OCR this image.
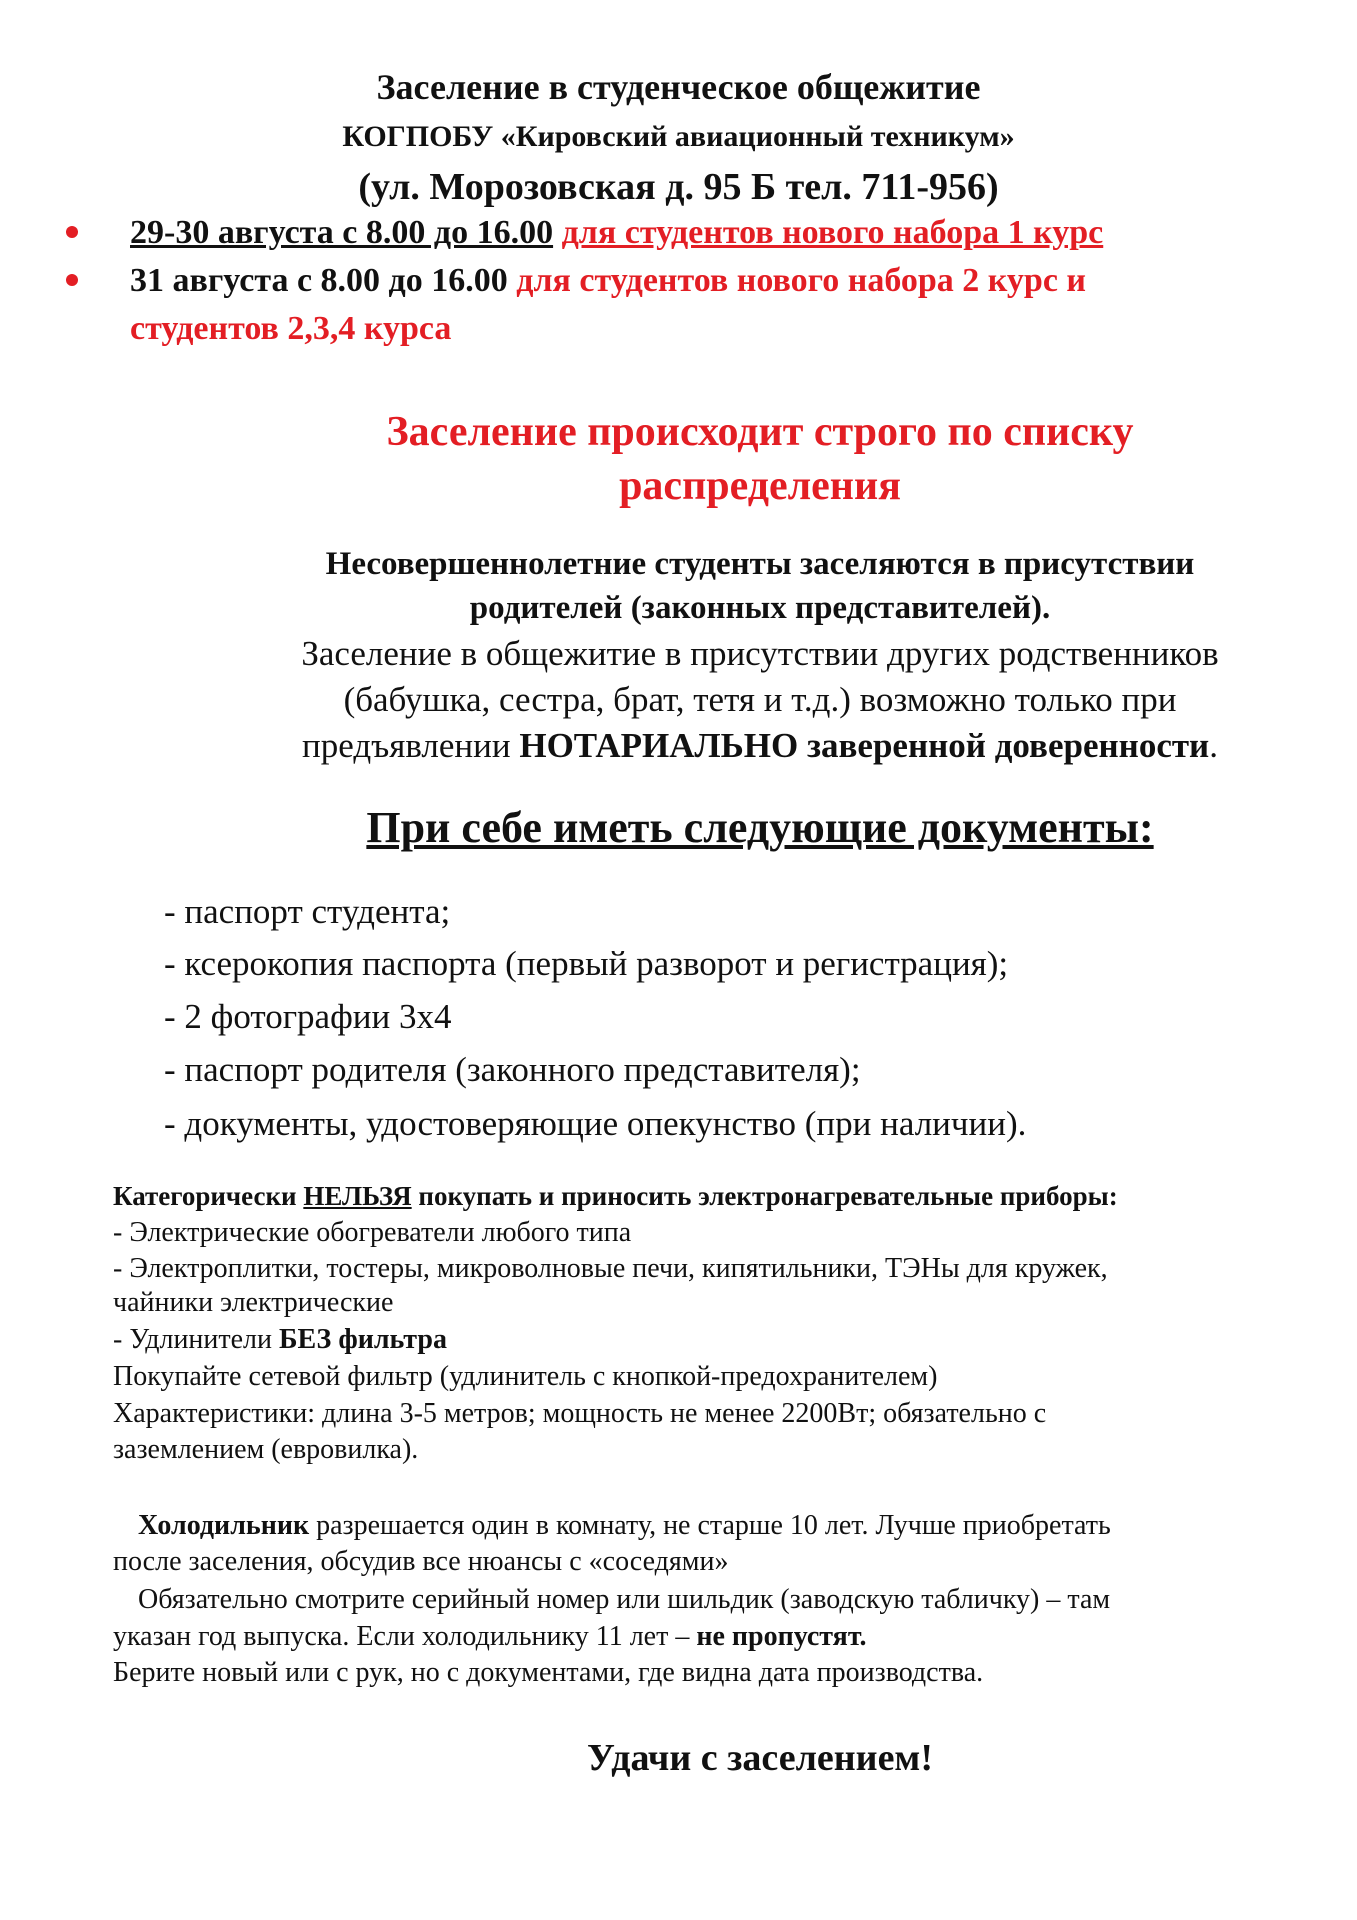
Заселение в студенческое общежитие
КОГПОБУ «Кировский авиационный техникум»
(ул. Морозовская д. 95 Б тел. 711-956)
29-30 августа с 8.00 до 16.00 для студентов нового набора 1 курс
31 августа с 8.00 до 16.00 для студентов нового набора 2 курс и
студентов 2,3,4 курса
Заселение происходит строго по списку
распределения
Несовершеннолетние студенты заселяются в присутствии
родителей (законных представителей).
Заселение в общежитие в присутствии других родственников
(бабушка, сестра, брат, тетя и т.д.) возможно только при
предъявлении НОТАРИАЛЬНО заверенной доверенности.
При себе иметь следующие документы:
- паспорт студента;
- ксерокопия паспорта (первый разворот и регистрация);
- 2 фотографии 3х4
- паспорт родителя (законного представителя);
- документы, удостоверяющие опекунство (при наличии).
Категорически НЕЛЬЗЯ покупать и приносить электронагревательные приборы:
- Электрические обогреватели любого типа
- Электроплитки, тостеры, микроволновые печи, кипятильники, ТЭНы для кружек,
чайники электрические
- Удлинители БЕЗ фильтра
Покупайте сетевой фильтр (удлинитель с кнопкой-предохранителем)
Характеристики: длина 3-5 метров; мощность не менее 2200Вт; обязательно с
заземлением (евровилка).
Холодильник разрешается один в комнату, не старше 10 лет. Лучше приобретать
после заселения, обсудив все нюансы с «соседями»
Обязательно смотрите серийный номер или шильдик (заводскую табличку) – там
указан год выпуска. Если холодильнику 11 лет – не пропустят.
Берите новый или с рук, но с документами, где видна дата производства.
Удачи с заселением!
